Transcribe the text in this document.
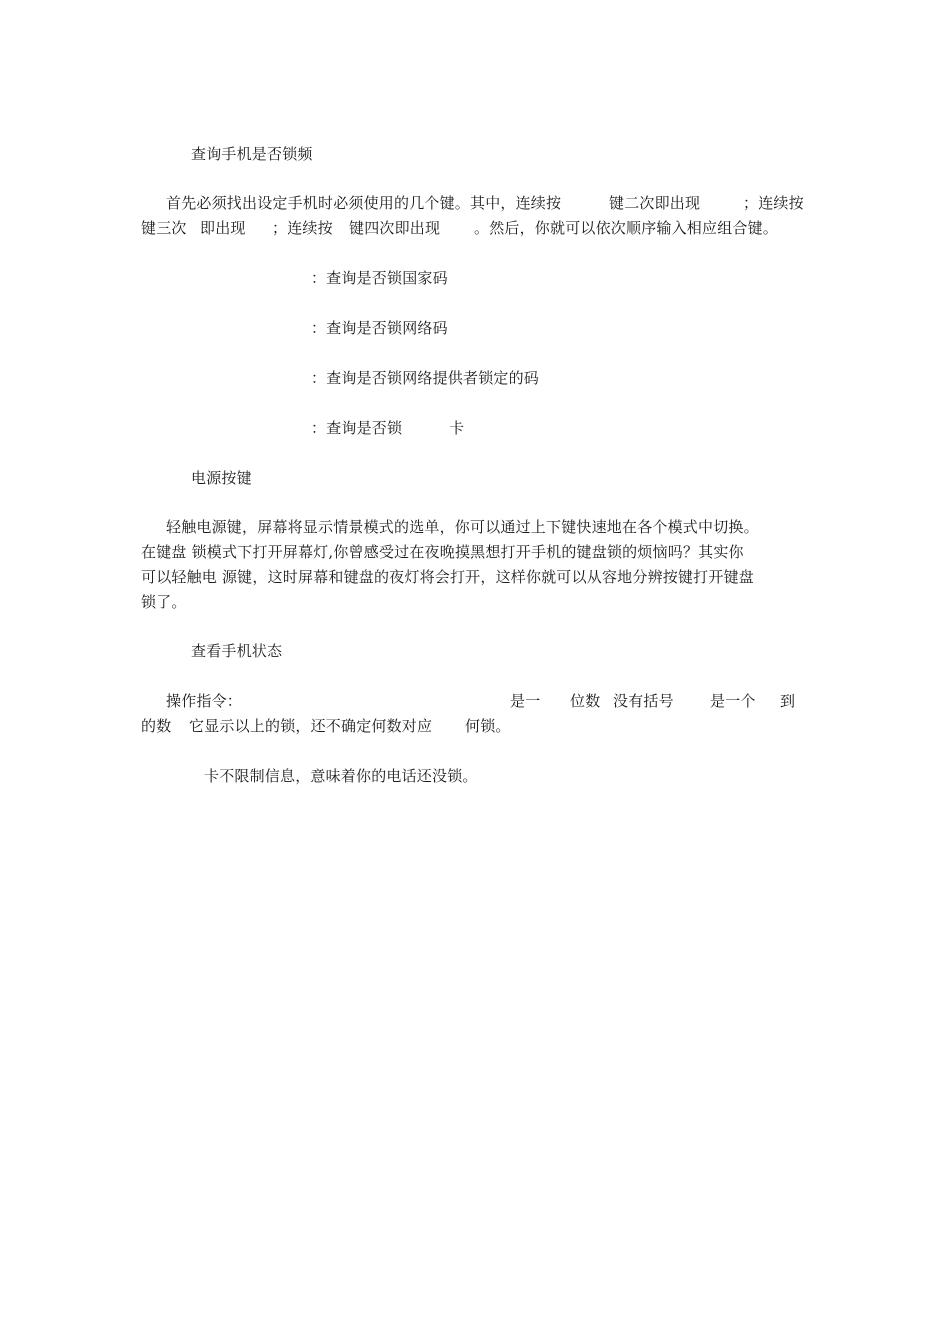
查询手机是否锁频
首先必须找出设定手机时必须使用的几个键。其中，连续按	键二次即出现	；连续按
键三次 即出现 ；连续按 键四次即出现 。然后，你就可以依次顺序输入相应组合键。
：查询是否锁国家码
：查询是否锁网络码
：查询是否锁网络提供者锁定的码
：查询是否锁	卡
电源按键
轻触电源键，屏幕将显示情景模式的选单，你可以通过上下键快速地在各个模式中切换。
在键盘 锁模式下打开屏幕灯,你曾感受过在夜晚摸黑想打开手机的键盘锁的烦恼吗？其实你
可以轻触电 源键，这时屏幕和键盘的夜灯将会打开，这样你就可以从容地分辨按键打开键盘
锁了。
查看手机状态
操作指令：	是一 位数 没有括号 是一个 到
的数 它显示以上的锁，还不确定何数对应 何锁。
卡不限制信息，意味着你的电话还没锁。
